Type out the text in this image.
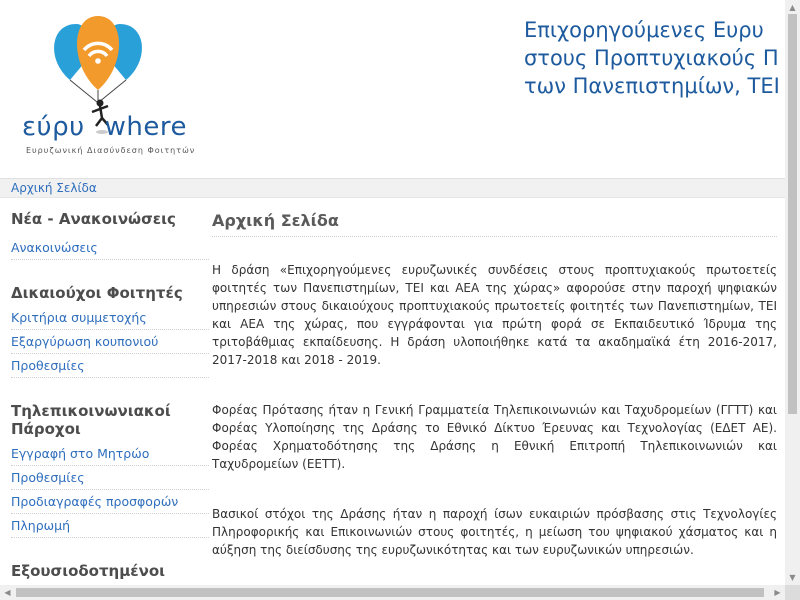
εύρυ where
Ευρυζωνική Διασύνδεση Φοιτητών
Επιχορηγούμενες Ευρυ
στους Προπτυχιακούς Π
των Πανεπιστημίων, ΤΕΙ
Αρχική Σελίδα
Νέα - Ανακοινώσεις
Ανακοινώσεις
Δικαιούχοι Φοιτητές
Κριτήρια συμμετοχής
Εξαργύρωση κουπονιού
Προθεσμίες
Τηλεπικοινωνιακοί Πάροχοι
Εγγραφή στο Μητρώο
Προθεσμίες
Προδιαγραφές προσφορών
Πληρωμή
Εξουσιοδοτημένοι
Αρχική Σελίδα

Η δράση «Επιχορηγούμενες ευρυζωνικές συνδέσεις στους προπτυχιακούς πρωτοετείς φοιτητές των Πανεπιστημίων, ΤΕΙ και ΑΕΑ της χώρας» αφορούσε στην παροχή ψηφιακών υπηρεσιών στους δικαιούχους προπτυχιακούς πρωτοετείς φοιτητές των Πανεπιστημίων, ΤΕΙ και ΑΕΑ της χώρας, που εγγράφονται για πρώτη φορά σε Εκπαιδευτικό Ίδρυμα της τριτοβάθμιας εκπαίδευσης. Η δράση υλοποιήθηκε κατά τα ακαδημαϊκά έτη 2016-2017, 2017-2018 και 2018 - 2019.

Φορέας Πρότασης ήταν η Γενική Γραμματεία Τηλεπικοινωνιών και Ταχυδρομείων (ΓΓΤΤ) και Φορέας Υλοποίησης της Δράσης το Εθνικό Δίκτυο Έρευνας και Τεχνολογίας (ΕΔΕΤ ΑΕ). Φορέας Χρηματοδότησης της Δράσης η Εθνική Επιτροπή Τηλεπικοινωνιών και Ταχυδρομείων (ΕΕΤΤ).

Βασικοί στόχοι της Δράσης ήταν η παροχή ίσων ευκαιριών πρόσβασης στις Τεχνολογίες Πληροφορικής και Επικοινωνιών στους φοιτητές, η μείωση του ψηφιακού χάσματος και η αύξηση της διείσδυσης της ευρυζωνικότητας και των ευρυζωνικών υπηρεσιών.

▲
▼
◀	▶
